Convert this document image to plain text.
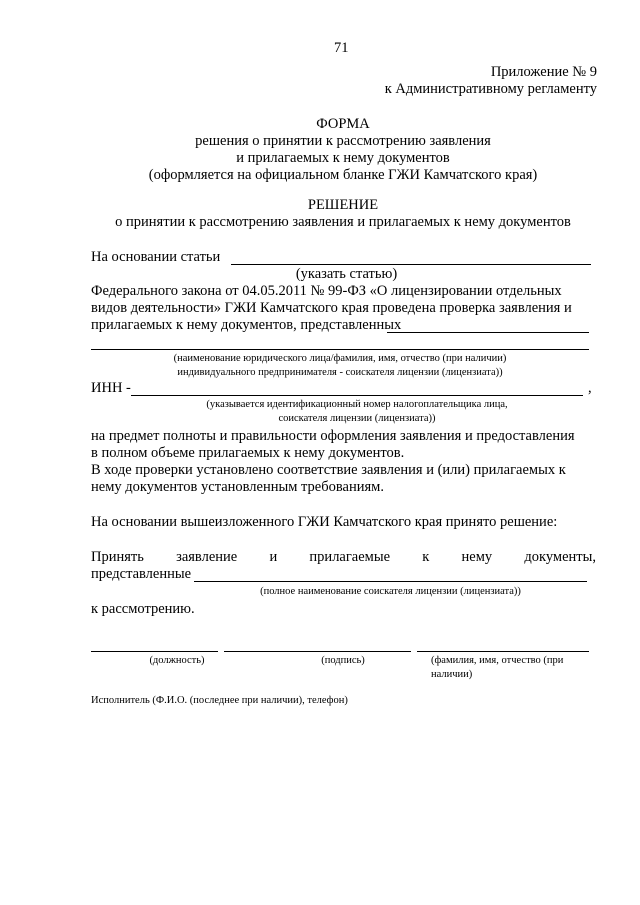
71
Приложение № 9
к Административному регламенту
ФОРМА
решения о принятии к рассмотрению заявления
и прилагаемых к нему документов
(оформляется на официальном бланке ГЖИ Камчатского края)
РЕШЕНИЕ
о принятии к рассмотрению заявления и прилагаемых к нему документов
На основании статьи
(указать статью)
Федерального закона от 04.05.2011 № 99-ФЗ «О лицензировании отдельных
видов деятельности» ГЖИ Камчатского края проведена проверка заявления и
прилагаемых к нему документов, представленных
(наименование юридического лица/фамилия, имя, отчество (при наличии)
индивидуального предпринимателя - соискателя лицензии (лицензиата))
ИНН -	,
(указывается идентификационный номер налогоплательщика лица,
соискателя лицензии (лицензиата))
на предмет полноты и правильности оформления заявления и предоставления
в полном объеме прилагаемых к нему документов.
В ходе проверки установлено соответствие заявления и (или) прилагаемых к
нему документов установленным требованиям.
На основании вышеизложенного ГЖИ Камчатского края принято решение:
Принять заявление и прилагаемые к нему документы,
представленные
(полное наименование соискателя лицензии (лицензиата))
к рассмотрению.
(должность)	(подпись)	(фамилия, имя, отчество (при
наличии)
Исполнитель (Ф.И.О. (последнее при наличии), телефон)
